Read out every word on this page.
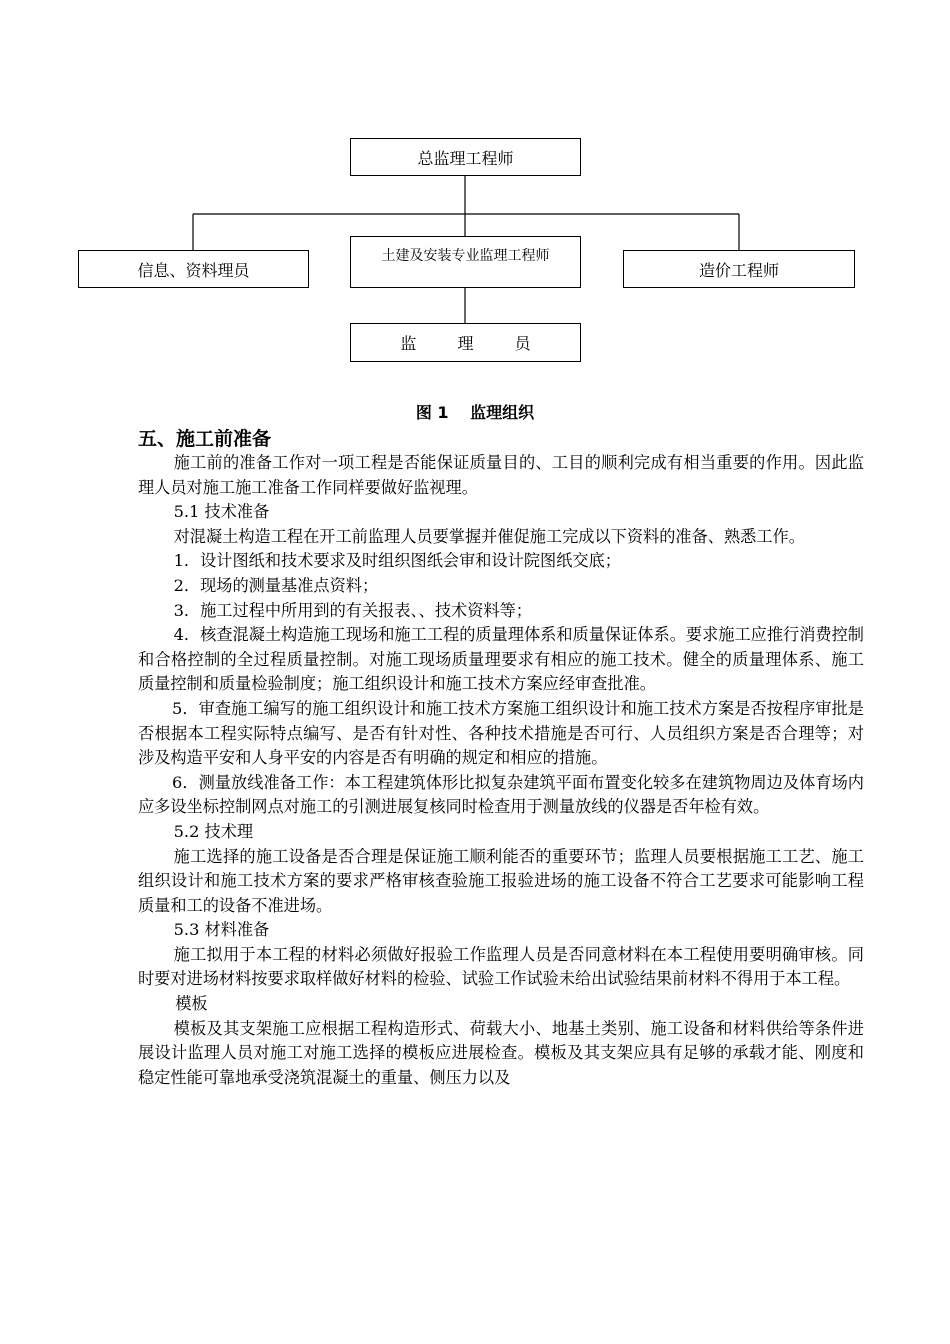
总监理工程师
信息、资料理员
土建及安装专业监理工程师
造价工程师
监 理 员
图 1　 监理组织
五、施工前准备

施工前的准备工作对一项工程是否能保证质量目的、工目的顺利完成有相当重要的作用。因此监理人员对施工施工准备工作同样要做好监视理。

5.1 技术准备

对混凝土构造工程在开工前监理人员要掌握并催促施工完成以下资料的准备、熟悉工作。

1．设计图纸和技术要求及时组织图纸会审和设计院图纸交底；

2．现场的测量基准点资料；

3．施工过程中所用到的有关报表、、技术资料等；

4．核查混凝土构造施工现场和施工工程的质量理体系和质量保证体系。要求施工应推行消费控制和合格控制的全过程质量控制。对施工现场质量理要求有相应的施工技术。健全的质量理体系、施工质量控制和质量检验制度；施工组织设计和施工技术方案应经审查批准。

5．审查施工编写的施工组织设计和施工技术方案施工组织设计和施工技术方案是否按程序审批是否根据本工程实际特点编写、是否有针对性、各种技术措施是否可行、人员组织方案是否合理等；对涉及构造平安和人身平安的内容是否有明确的规定和相应的措施。

6．测量放线准备工作：本工程建筑体形比拟复杂建筑平面布置变化较多在建筑物周边及体育场内应多设坐标控制网点对施工的引测进展复核同时检查用于测量放线的仪器是否年检有效。

5.2 技术理

施工选择的施工设备是否合理是保证施工顺利能否的重要环节；监理人员要根据施工工艺、施工组织设计和施工技术方案的要求严格审核查验施工报验进场的施工设备不符合工艺要求可能影响工程质量和工的设备不准进场。

5.3 材料准备

施工拟用于本工程的材料必须做好报验工作监理人员是否同意材料在本工程使用要明确审核。同时要对进场材料按要求取样做好材料的检验、试验工作试验未给出试验结果前材料不得用于本工程。

模板

模板及其支架施工应根据工程构造形式、荷载大小、地基土类别、施工设备和材料供给等条件进展设计监理人员对施工对施工选择的模板应进展检查。模板及其支架应具有足够的承载才能、刚度和稳定性能可靠地承受浇筑混凝土的重量、侧压力以及
